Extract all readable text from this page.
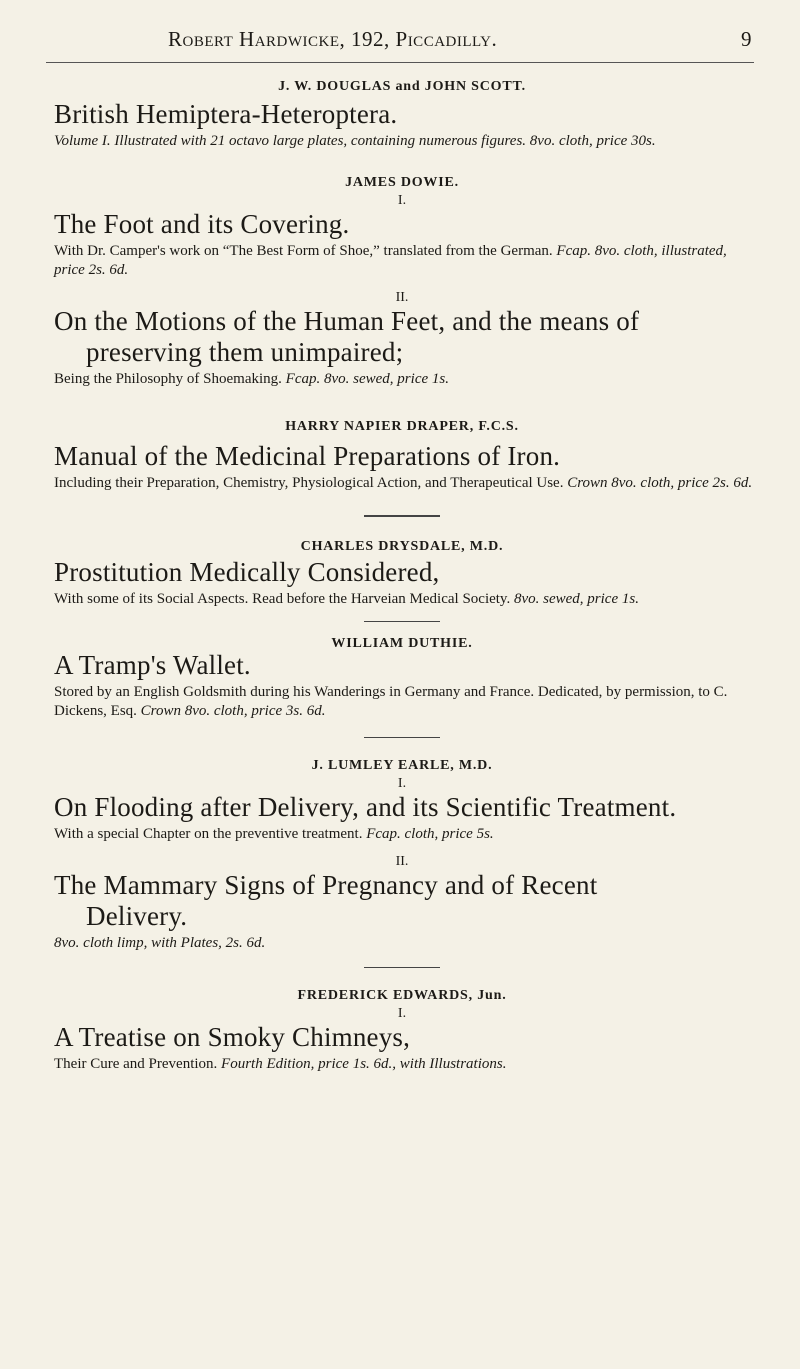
Robert Hardwicke, 192, Piccadilly.	9

J. W. DOUGLAS and JOHN SCOTT.

British Hemiptera-Heteroptera.

Volume I. Illustrated with 21 octavo large plates, containing numerous figures. 8vo. cloth, price 30s.

JAMES DOWIE.

I.

The Foot and its Covering.

With Dr. Camper's work on “The Best Form of Shoe,” translated from the German. Fcap. 8vo. cloth, illustrated, price 2s. 6d.

II.

On the Motions of the Human Feet, and the means of
preserving them unimpaired;

Being the Philosophy of Shoemaking. Fcap. 8vo. sewed, price 1s.

HARRY NAPIER DRAPER, F.C.S.

Manual of the Medicinal Preparations of Iron.

Including their Preparation, Chemistry, Physiological Action, and Therapeutical Use. Crown 8vo. cloth, price 2s. 6d.

CHARLES DRYSDALE, M.D.

Prostitution Medically Considered,

With some of its Social Aspects. Read before the Harveian Medical Society. 8vo. sewed, price 1s.

WILLIAM DUTHIE.

A Tramp's Wallet.

Stored by an English Goldsmith during his Wanderings in Germany and France. Dedicated, by permission, to C. Dickens, Esq. Crown 8vo. cloth, price 3s. 6d.

J. LUMLEY EARLE, M.D.

I.

On Flooding after Delivery, and its Scientific Treatment.

With a special Chapter on the preventive treatment. Fcap. cloth, price 5s.

II.

The Mammary Signs of Pregnancy and of Recent
Delivery.

8vo. cloth limp, with Plates, 2s. 6d.

FREDERICK EDWARDS, Jun.

I.

A Treatise on Smoky Chimneys,

Their Cure and Prevention. Fourth Edition, price 1s. 6d., with Illustrations.
